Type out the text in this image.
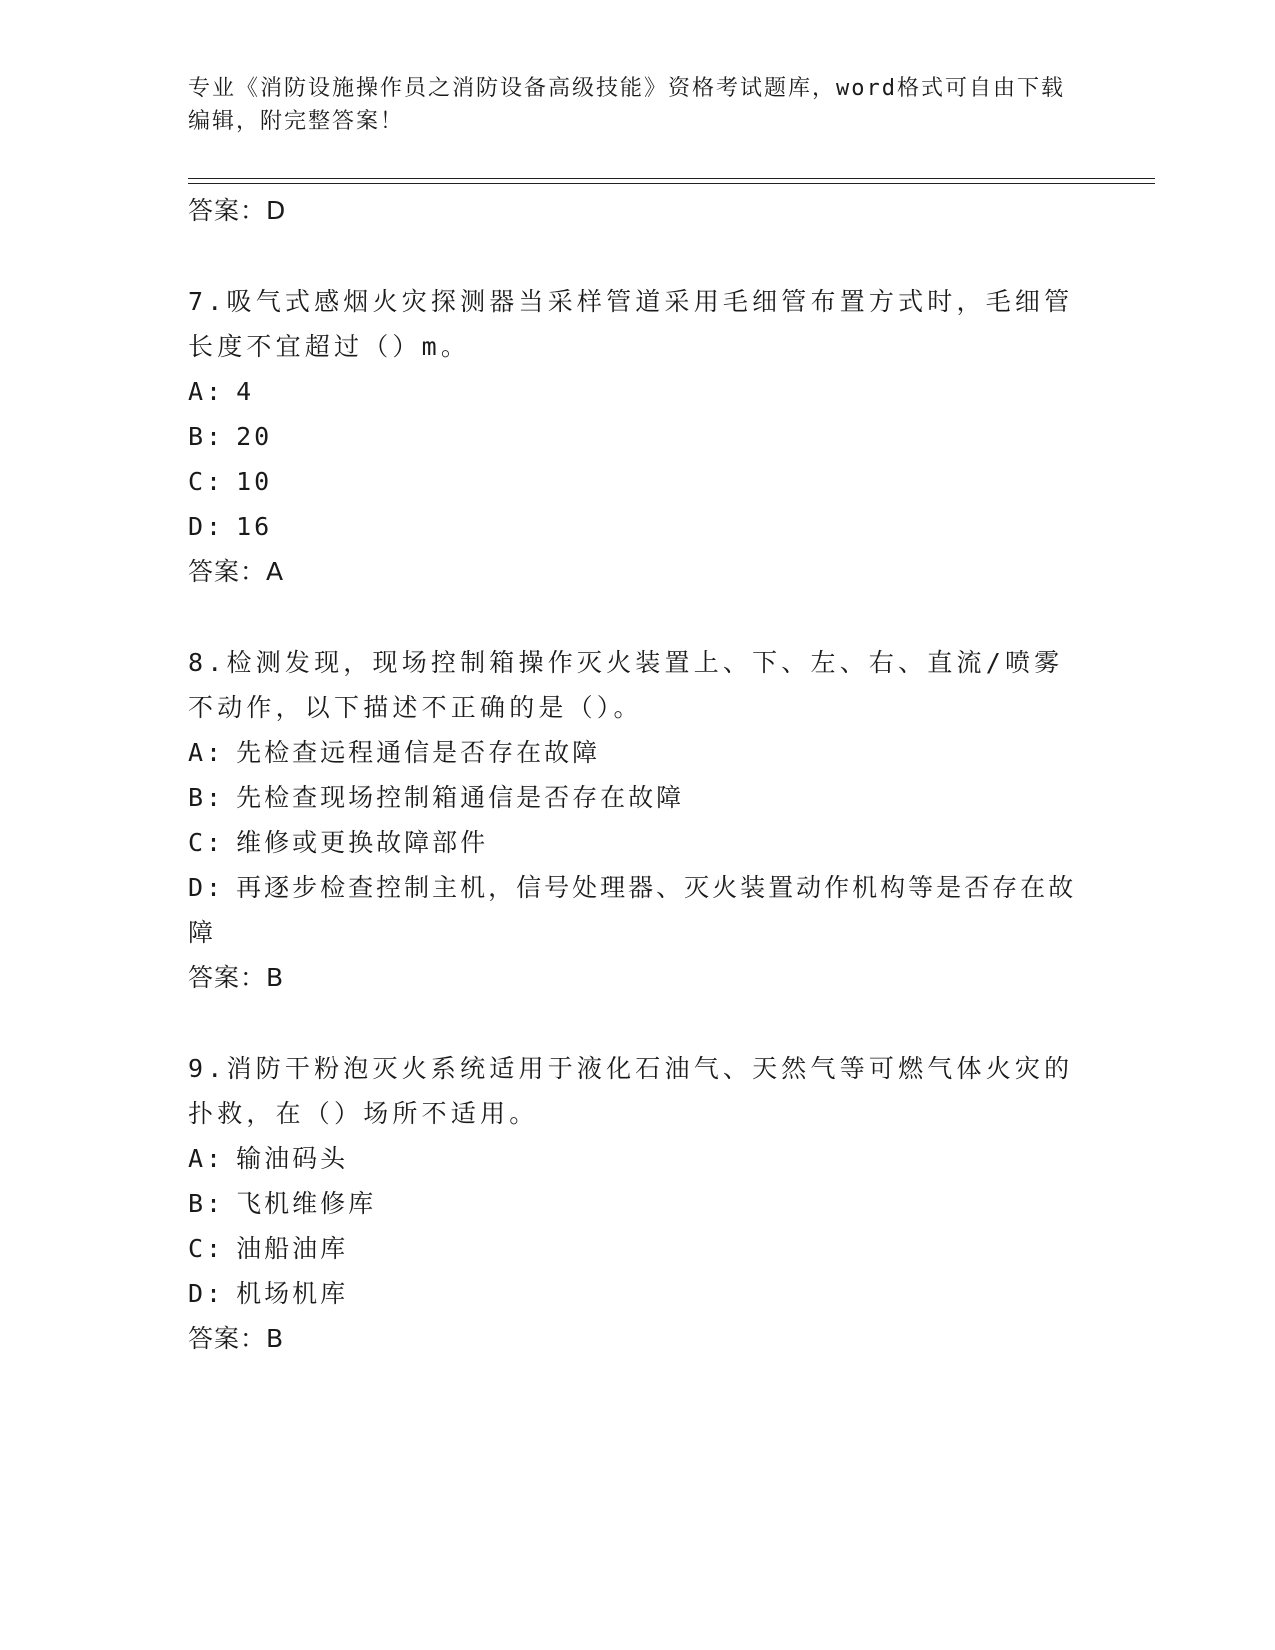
专业《消防设施操作员之消防设备高级技能》资格考试题库，word格式可自由下载编辑，附完整答案！
答案：D
7.吸气式感烟火灾探测器当采样管道采用毛细管布置方式时，毛细管长度不宜超过（）m。
A: 4
B: 20
C: 10
D: 16
答案：A
8.检测发现，现场控制箱操作灭火装置上、下、左、右、直流/喷雾不动作，以下描述不正确的是（）。
A: 先检查远程通信是否存在故障
B: 先检查现场控制箱通信是否存在故障
C: 维修或更换故障部件
D: 再逐步检查控制主机，信号处理器、灭火装置动作机构等是否存在故障
答案：B
9.消防干粉泡灭火系统适用于液化石油气、天然气等可燃气体火灾的扑救，在（）场所不适用。
A: 输油码头
B: 飞机维修库
C: 油船油库
D: 机场机库
答案：B
